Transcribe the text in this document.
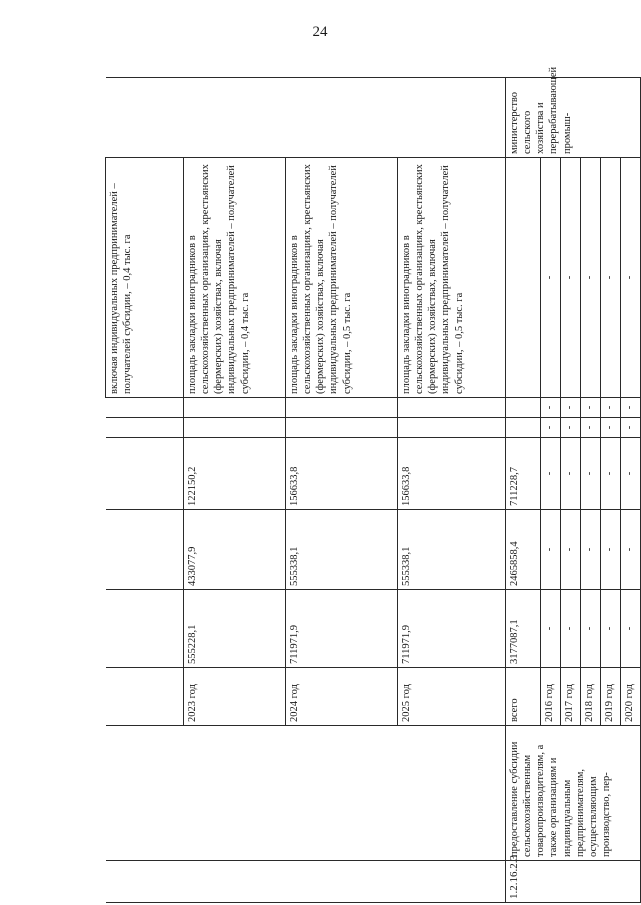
24
								включая индивидуальных предпринимателей – получателей субсидии, – 0,4 тыс. га	
		2023 год	555228,1	433077,9	122150,2			площадь закладки виноградников в сельскохозяйственных организациях, крестьянских (фермерских) хозяйствах, включая индивидуальных предпринимателей – получателей субсидии, – 0,4 тыс. га	
		2024 год	711971,9	555338,1	156633,8			площадь закладки виноградников в сельскохозяйственных организациях, крестьянских (фермерских) хозяйствах, включая индивидуальных предпринимателей – получателей субсидии, – 0,5 тыс. га	
		2025 год	711971,9	555338,1	156633,8			площадь закладки виноградников в сельскохозяйственных организациях, крестьянских (фермерских) хозяйствах, включая индивидуальных предпринимателей – получателей субсидии, – 0,5 тыс. га	
1.2.16.2.3	предоставление субсидии сельскохозяйственным товаропроизводителям, а также организациям и индивидуальным предпринимателям, осуществляющим производство, пер-	всего	3177087,1	2465858,4	711228,7				министерство сельского хозяйства и перерабатывающей промыш-
		2016 год	-	-	-	-	-	-	
		2017 год	-	-	-	-	-	-	
		2018 год	-	-	-	-	-	-	
		2019 год	-	-	-	-	-	-	
		2020 год	-	-	-	-	-	-	
